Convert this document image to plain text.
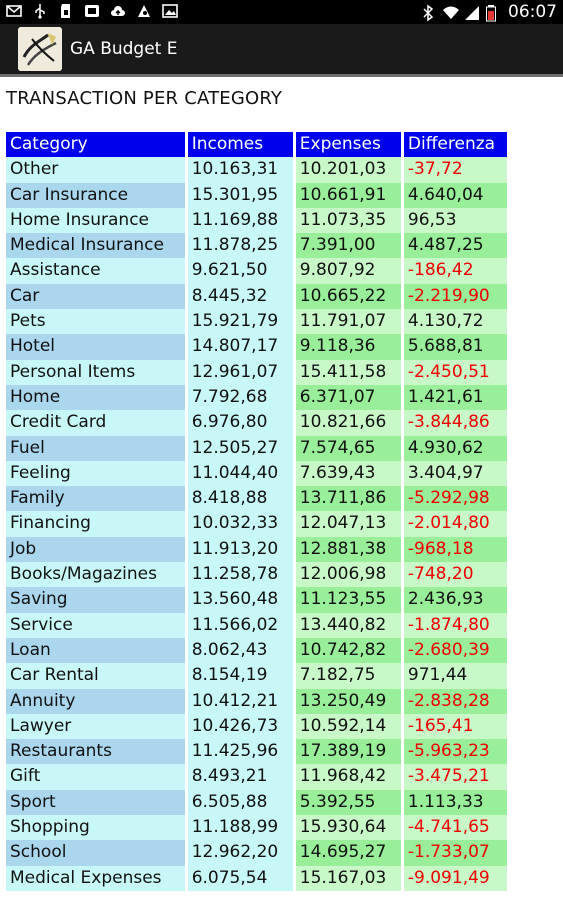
06:07
GA Budget E
TRANSACTION PER CATEGORY
Category	Incomes	Expenses	Differenza
Other	10.163,31	10.201,03	-37,72
Car Insurance	15.301,95	10.661,91	4.640,04
Home Insurance	11.169,88	11.073,35	96,53
Medical Insurance	11.878,25	7.391,00	4.487,25
Assistance	9.621,50	9.807,92	-186,42
Car	8.445,32	10.665,22	-2.219,90
Pets	15.921,79	11.791,07	4.130,72
Hotel	14.807,17	9.118,36	5.688,81
Personal Items	12.961,07	15.411,58	-2.450,51
Home	7.792,68	6.371,07	1.421,61
Credit Card	6.976,80	10.821,66	-3.844,86
Fuel	12.505,27	7.574,65	4.930,62
Feeling	11.044,40	7.639,43	3.404,97
Family	8.418,88	13.711,86	-5.292,98
Financing	10.032,33	12.047,13	-2.014,80
Job	11.913,20	12.881,38	-968,18
Books/Magazines	11.258,78	12.006,98	-748,20
Saving	13.560,48	11.123,55	2.436,93
Service	11.566,02	13.440,82	-1.874,80
Loan	8.062,43	10.742,82	-2.680,39
Car Rental	8.154,19	7.182,75	971,44
Annuity	10.412,21	13.250,49	-2.838,28
Lawyer	10.426,73	10.592,14	-165,41
Restaurants	11.425,96	17.389,19	-5.963,23
Gift	8.493,21	11.968,42	-3.475,21
Sport	6.505,88	5.392,55	1.113,33
Shopping	11.188,99	15.930,64	-4.741,65
School	12.962,20	14.695,27	-1.733,07
Medical Expenses	6.075,54	15.167,03	-9.091,49
